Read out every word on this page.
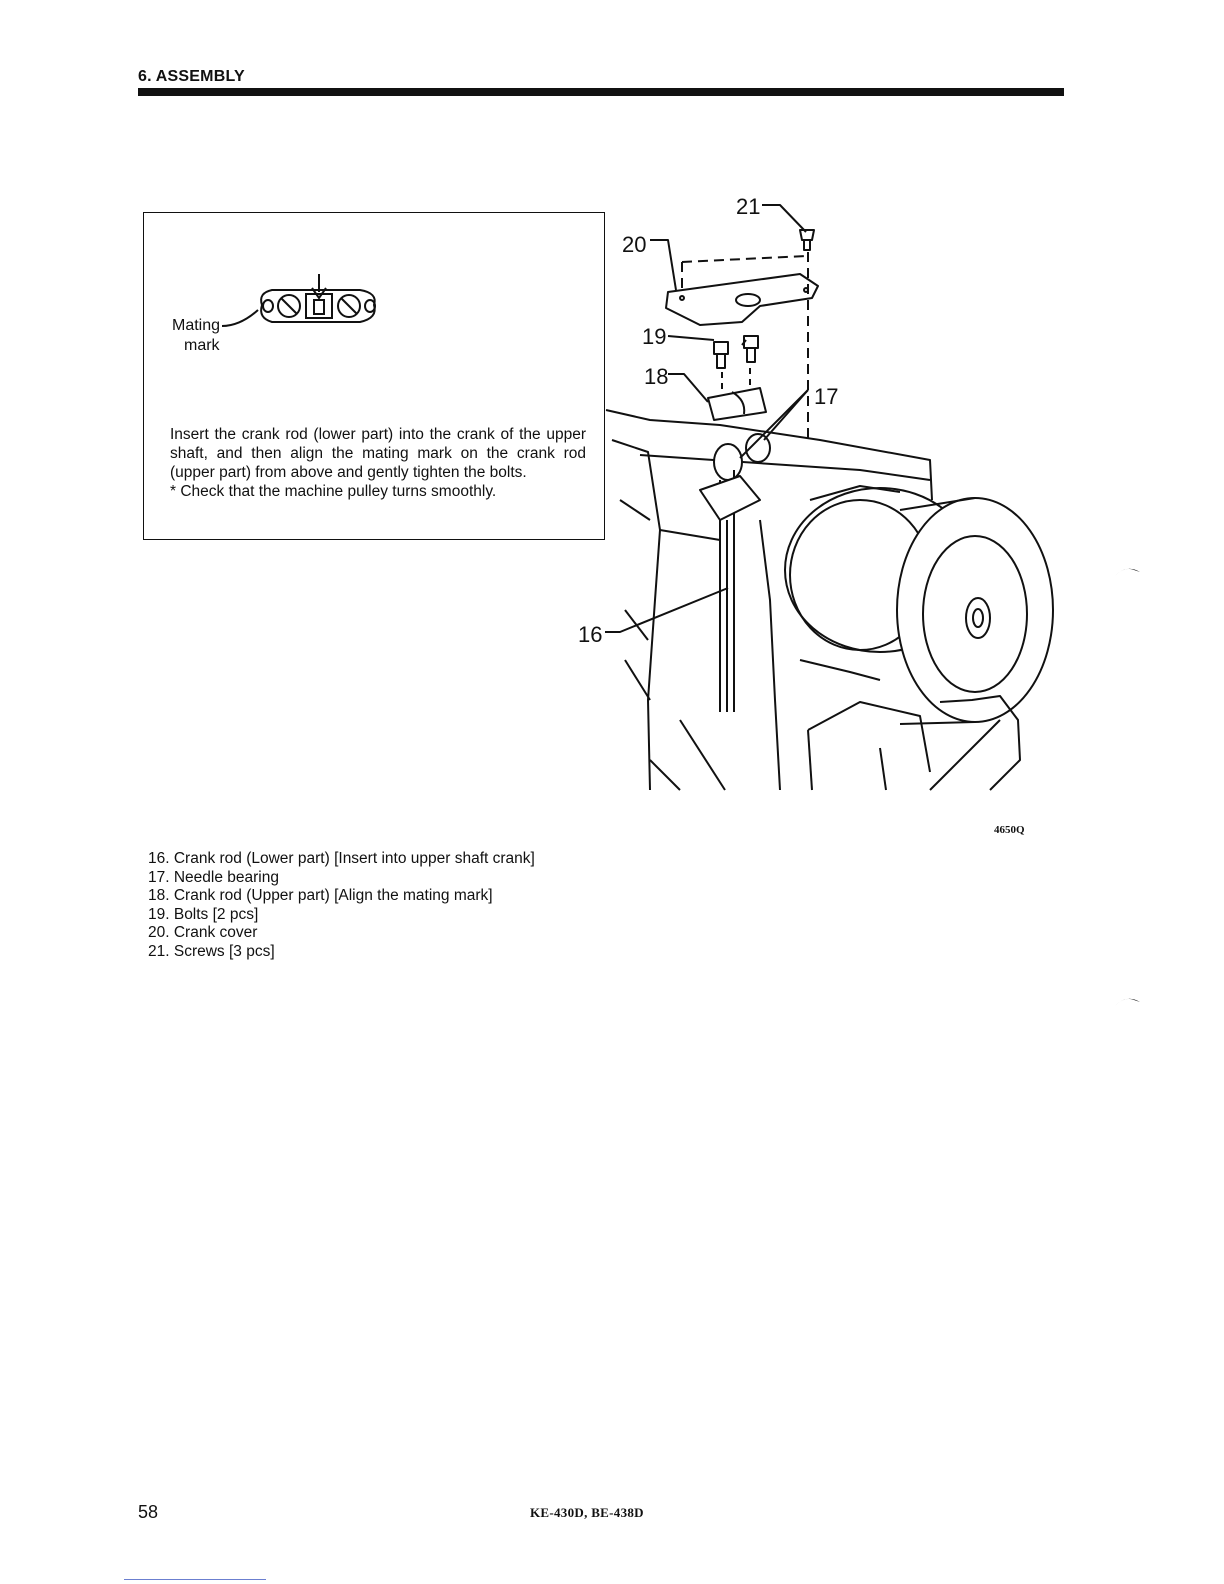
6. ASSEMBLY
Mating
mark

Insert the crank rod (lower part) into the crank of the upper shaft, and then align the mating mark on the crank rod (upper part) from above and gently tighten the bolts.

* Check that the machine pulley turns smoothly.

21
20
19
18
17
16
4650Q
16. Crank rod (Lower part) [Insert into upper shaft crank]
17. Needle bearing
18. Crank rod (Upper part) [Align the mating mark]
19. Bolts [2 pcs]
20. Crank cover
21. Screws [3 pcs]
58	KE-430D, BE-438D
